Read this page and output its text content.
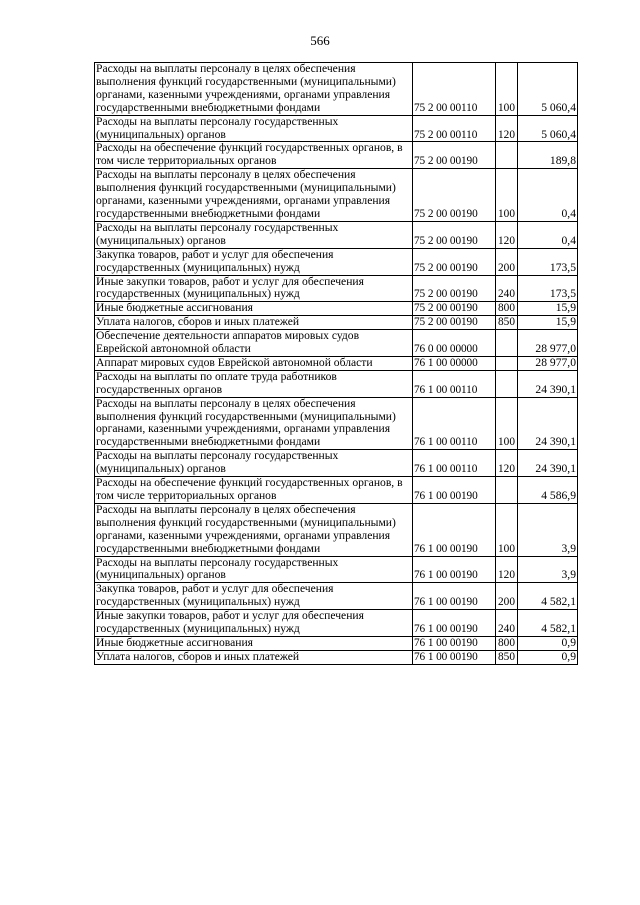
566
Расходы на выплаты персоналу в целях обеспечения выполнения функций государственными (муниципальными) органами, казенными учреждениями, органами управления государственными внебюджетными фондами	75 2 00 00110	100	5 060,4
Расходы на выплаты персоналу государственных (муниципальных) органов	75 2 00 00110	120	5 060,4
Расходы на обеспечение функций государственных органов, в том числе территориальных органов	75 2 00 00190		189,8
Расходы на выплаты персоналу в целях обеспечения выполнения функций государственными (муниципальными) органами, казенными учреждениями, органами управления государственными внебюджетными фондами	75 2 00 00190	100	0,4
Расходы на выплаты персоналу государственных (муниципальных) органов	75 2 00 00190	120	0,4
Закупка товаров, работ и услуг для обеспечения государственных (муниципальных) нужд	75 2 00 00190	200	173,5
Иные закупки товаров, работ и услуг для обеспечения государственных (муниципальных) нужд	75 2 00 00190	240	173,5
Иные бюджетные ассигнования	75 2 00 00190	800	15,9
Уплата налогов, сборов и иных платежей	75 2 00 00190	850	15,9
Обеспечение деятельности аппаратов мировых судов Еврейской автономной области	76 0 00 00000		28 977,0
Аппарат мировых судов Еврейской автономной области	76 1 00 00000		28 977,0
Расходы на выплаты по оплате труда работников государственных органов	76 1 00 00110		24 390,1
Расходы на выплаты персоналу в целях обеспечения выполнения функций государственными (муниципальными) органами, казенными учреждениями, органами управления государственными внебюджетными фондами	76 1 00 00110	100	24 390,1
Расходы на выплаты персоналу государственных (муниципальных) органов	76 1 00 00110	120	24 390,1
Расходы на обеспечение функций государственных органов, в том числе территориальных органов	76 1 00 00190		4 586,9
Расходы на выплаты персоналу в целях обеспечения выполнения функций государственными (муниципальными) органами, казенными учреждениями, органами управления государственными внебюджетными фондами	76 1 00 00190	100	3,9
Расходы на выплаты персоналу государственных (муниципальных) органов	76 1 00 00190	120	3,9
Закупка товаров, работ и услуг для обеспечения государственных (муниципальных) нужд	76 1 00 00190	200	4 582,1
Иные закупки товаров, работ и услуг для обеспечения государственных (муниципальных) нужд	76 1 00 00190	240	4 582,1
Иные бюджетные ассигнования	76 1 00 00190	800	0,9
Уплата налогов, сборов и иных платежей	76 1 00 00190	850	0,9
